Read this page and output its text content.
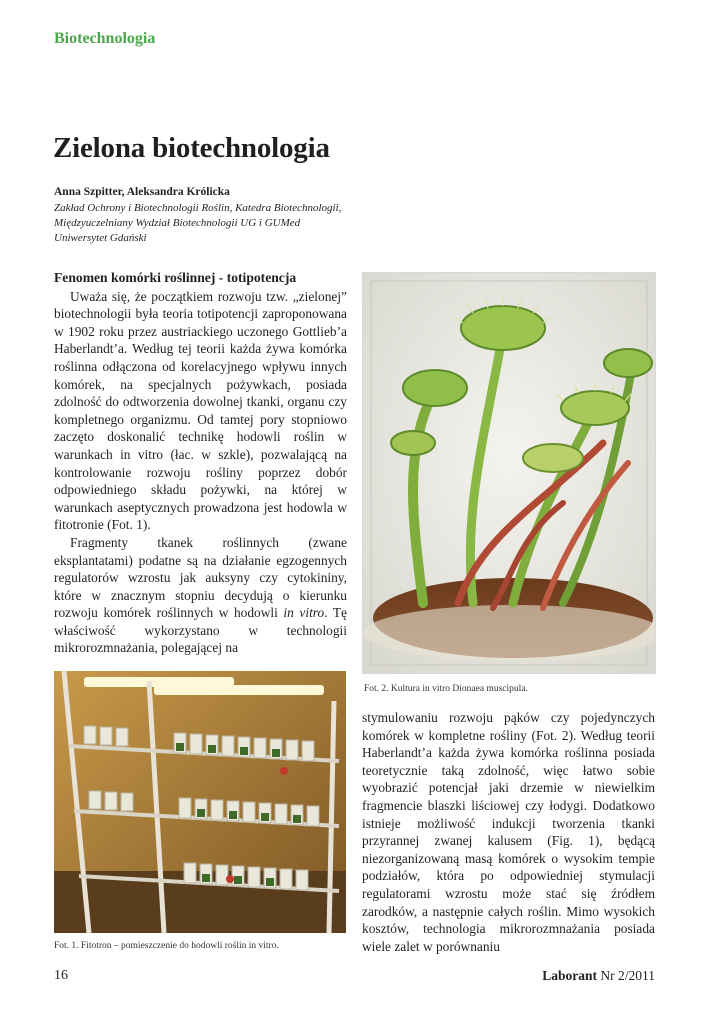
Biotechnologia
Zielona biotechnologia
Anna Szpitter, Aleksandra Królicka
Zakład Ochrony i Biotechnologii Roślin, Katedra Biotechnologii,
Międzyuczelniany Wydział Biotechnologii UG i GUMed
Uniwersytet Gdański
Fenomen komórki roślinnej - totipotencja

Uważa się, że początkiem rozwoju tzw. „zielonej” biotechnologii była teoria totipotencji zaproponowana w 1902 roku przez austriackiego uczonego Gottlieb’a Haberlandt’a. Według tej teorii każda żywa komórka roślinna odłączona od korelacyjnego wpływu innych komórek, na specjalnych pożywkach, posiada zdolność do odtworzenia dowolnej tkanki, organu czy kompletnego organizmu. Od tamtej pory stopniowo zaczęto doskonalić technikę hodowli roślin w warunkach in vitro (łac. w szkle), pozwalającą na kontrolowanie rozwoju rośliny poprzez dobór odpowiedniego składu pożywki, na której w warunkach aseptycznych prowadzona jest hodowla w fitotronie (Fot. 1).

Fragmenty tkanek roślinnych (zwane eksplantatami) podatne są na działanie egzogennych regulatorów wzrostu jak auksyny czy cytokininy, które w znacznym stopniu decydują o kierunku rozwoju komórek roślinnych w hodowli in vitro. Tę właściwość wykorzystano w technologii mikrorozmnażania, polegającej na

Fot. 2. Kultura in vitro Dionaea muscipula.
Fot. 1. Fitotron – pomieszczenie do hodowli roślin in vitro.

stymulowaniu rozwoju pąków czy pojedynczych komórek w kompletne rośliny (Fot. 2). Według teorii Haberlandt’a każda żywa komórka roślinna posiada teoretycznie taką zdolność, więc łatwo sobie wyobrazić potencjał jaki drzemie w niewielkim fragmencie blaszki liściowej czy łodygi. Dodatkowo istnieje możliwość indukcji tworzenia tkanki przyrannej zwanej kalusem (Fig. 1), będącą niezorganizowaną masą komórek o wysokim tempie podziałów, która po odpowiedniej stymulacji regulatorami wzrostu może stać się źródłem zarodków, a następnie całych roślin. Mimo wysokich kosztów, technologia mikrorozmnażania posiada wiele zalet w porównaniu

16	Laborant Nr 2/2011
